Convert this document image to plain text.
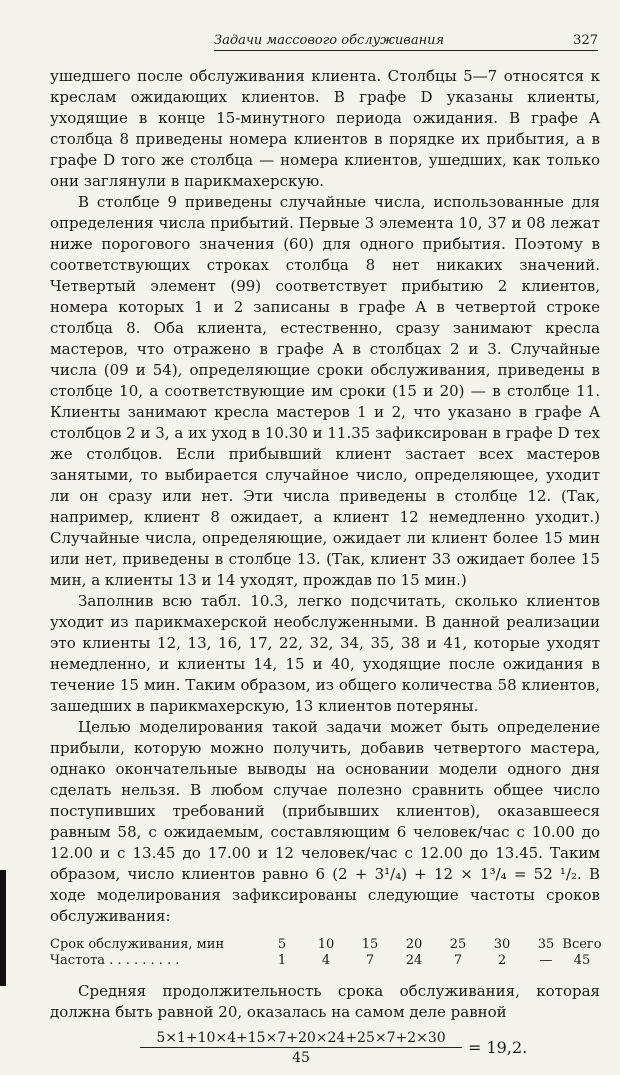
Задачи массового обслуживания	327

ушедшего после обслуживания клиента. Столбцы 5—7 относятся к креслам ожидающих клиентов. В графе D указаны клиенты, уходящие в конце 15-минутного периода ожидания. В графе A столбца 8 приведены номера клиентов в порядке их прибытия, а в графе D того же столбца — номера клиентов, ушедших, как только они заглянули в парикмахерскую.

В столбце 9 приведены случайные числа, использованные для определения числа прибытий. Первые 3 элемента 10, 37 и 08 лежат ниже порогового значения (60) для одного прибытия. Поэтому в соответствующих строках столбца 8 нет никаких значений. Четвертый элемент (99) соответствует прибытию 2 клиентов, номера которых 1 и 2 записаны в графе A в четвертой строке столбца 8. Оба клиента, естественно, сразу занимают кресла мастеров, что отражено в графе A в столбцах 2 и 3. Случайные числа (09 и 54), определяющие сроки обслуживания, приведены в столбце 10, а соответствующие им сроки (15 и 20) — в столбце 11. Клиенты занимают кресла мастеров 1 и 2, что указано в графе A столбцов 2 и 3, а их уход в 10.30 и 11.35 зафиксирован в графе D тех же столбцов. Если прибывший клиент застает всех мастеров занятыми, то выбирается случайное число, определяющее, уходит ли он сразу или нет. Эти числа приведены в столбце 12. (Так, например, клиент 8 ожидает, а клиент 12 немедленно уходит.) Случайные числа, определяющие, ожидает ли клиент более 15 мин или нет, приведены в столбце 13. (Так, клиент 33 ожидает более 15 мин, а клиенты 13 и 14 уходят, прождав по 15 мин.)

Заполнив всю табл. 10.3, легко подсчитать, сколько клиентов уходит из парикмахерской необслуженными. В данной реализации это клиенты 12, 13, 16, 17, 22, 32, 34, 35, 38 и 41, которые уходят немедленно, и клиенты 14, 15 и 40, уходящие после ожидания в течение 15 мин. Таким образом, из общего количества 58 клиентов, зашедших в парикмахерскую, 13 клиентов потеряны.

Целью моделирования такой задачи может быть определение прибыли, которую можно получить, добавив четвертого мастера, однако окончательные выводы на основании модели одного дня сделать нельзя. В любом случае полезно сравнить общее число поступивших требований (прибывших клиентов), оказавшееся равным 58, с ожидаемым, составляющим 6 человек/час с 10.00 до 12.00 и с 13.45 до 17.00 и 12 человек/час с 12.00 до 13.45. Таким образом, число клиентов равно 6 (2 + 3¹/₄) + 12 × 1³/₄ = 52 ¹/₂. В ходе моделирования зафиксированы следующие частоты сроков обслуживания:

Срок обслуживания, мин	5	10	15	20	25	30	35 Всего
Частота . . . . . . . . .	1	4	7	24	7	2	—	45

Средняя продолжительность срока обслуживания, которая должна быть равной 20, оказалась на самом деле равной

5×1+10×4+15×7+20×24+25×7+2×30
45
= 19,2.
